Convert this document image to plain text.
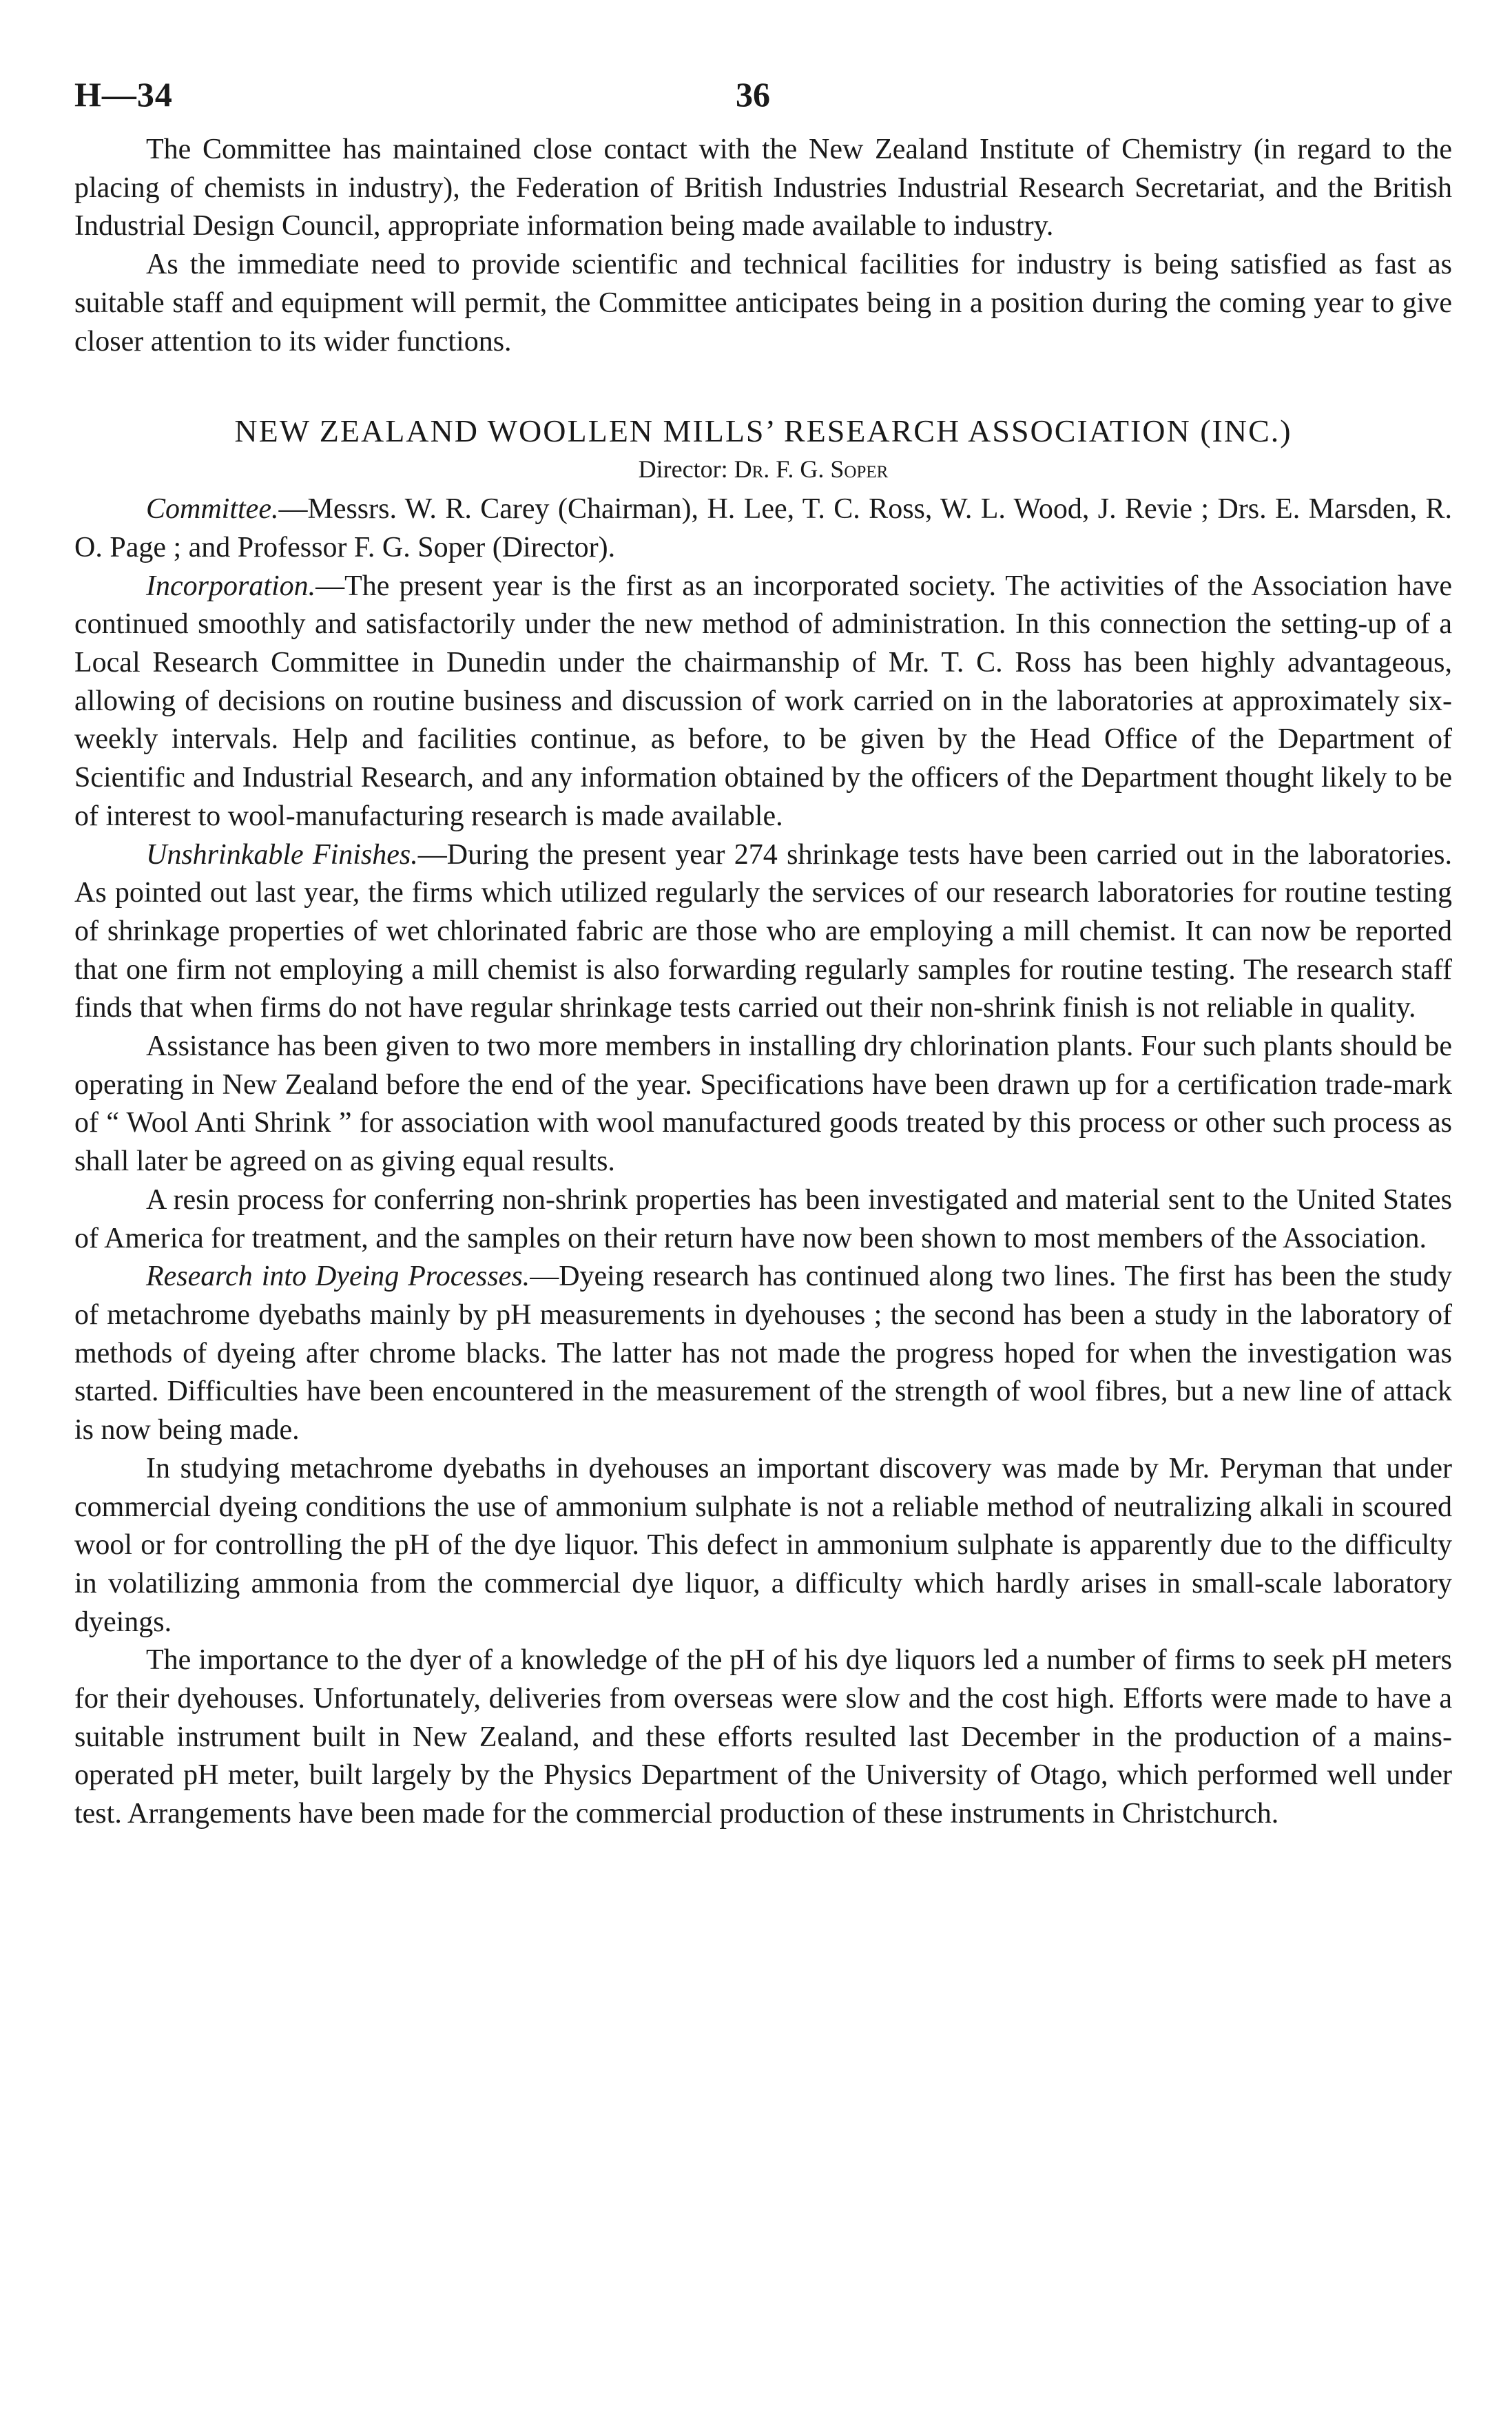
H—34	36

The Committee has maintained close contact with the New Zealand Institute of Chemistry (in regard to the placing of chemists in industry), the Federation of British Industries Industrial Research Secretariat, and the British Industrial Design Council, appropriate information being made available to industry.

As the immediate need to provide scientific and technical facilities for industry is being satisfied as fast as suitable staff and equipment will permit, the Committee anticipates being in a position during the coming year to give closer attention to its wider functions.

NEW ZEALAND WOOLLEN MILLS’ RESEARCH ASSOCIATION (INC.)
Director: Dr. F. G. Soper

Committee.—Messrs. W. R. Carey (Chairman), H. Lee, T. C. Ross, W. L. Wood, J. Revie ; Drs. E. Marsden, R. O. Page ; and Professor F. G. Soper (Director).

Incorporation.—The present year is the first as an incorporated society. The activities of the Association have continued smoothly and satisfactorily under the new method of administration. In this connection the setting-up of a Local Research Committee in Dunedin under the chairmanship of Mr. T. C. Ross has been highly advantageous, allowing of decisions on routine business and discussion of work carried on in the laboratories at approximately six-weekly intervals. Help and facilities continue, as before, to be given by the Head Office of the Department of Scientific and Industrial Research, and any information obtained by the officers of the Department thought likely to be of interest to wool-manufacturing research is made available.

Unshrinkable Finishes.—During the present year 274 shrinkage tests have been carried out in the laboratories. As pointed out last year, the firms which utilized regularly the services of our research laboratories for routine testing of shrinkage properties of wet chlorinated fabric are those who are employing a mill chemist. It can now be reported that one firm not employing a mill chemist is also forwarding regularly samples for routine testing. The research staff finds that when firms do not have regular shrinkage tests carried out their non-shrink finish is not reliable in quality.

Assistance has been given to two more members in installing dry chlorination plants. Four such plants should be operating in New Zealand before the end of the year. Specifications have been drawn up for a certification trade-mark of “ Wool Anti Shrink ” for association with wool manufactured goods treated by this process or other such process as shall later be agreed on as giving equal results.

A resin process for conferring non-shrink properties has been investigated and material sent to the United States of America for treatment, and the samples on their return have now been shown to most members of the Association.

Research into Dyeing Processes.—Dyeing research has continued along two lines. The first has been the study of metachrome dyebaths mainly by pH measurements in dyehouses ; the second has been a study in the laboratory of methods of dyeing after chrome blacks. The latter has not made the progress hoped for when the investigation was started. Difficulties have been encountered in the measurement of the strength of wool fibres, but a new line of attack is now being made.

In studying metachrome dyebaths in dyehouses an important discovery was made by Mr. Peryman that under commercial dyeing conditions the use of ammonium sulphate is not a reliable method of neutralizing alkali in scoured wool or for controlling the pH of the dye liquor. This defect in ammonium sulphate is apparently due to the difficulty in volatilizing ammonia from the commercial dye liquor, a difficulty which hardly arises in small-scale laboratory dyeings.

The importance to the dyer of a knowledge of the pH of his dye liquors led a number of firms to seek pH meters for their dyehouses. Unfortunately, deliveries from overseas were slow and the cost high. Efforts were made to have a suitable instrument built in New Zealand, and these efforts resulted last December in the production of a mains-operated pH meter, built largely by the Physics Department of the University of Otago, which performed well under test. Arrangements have been made for the commercial production of these instruments in Christchurch.
